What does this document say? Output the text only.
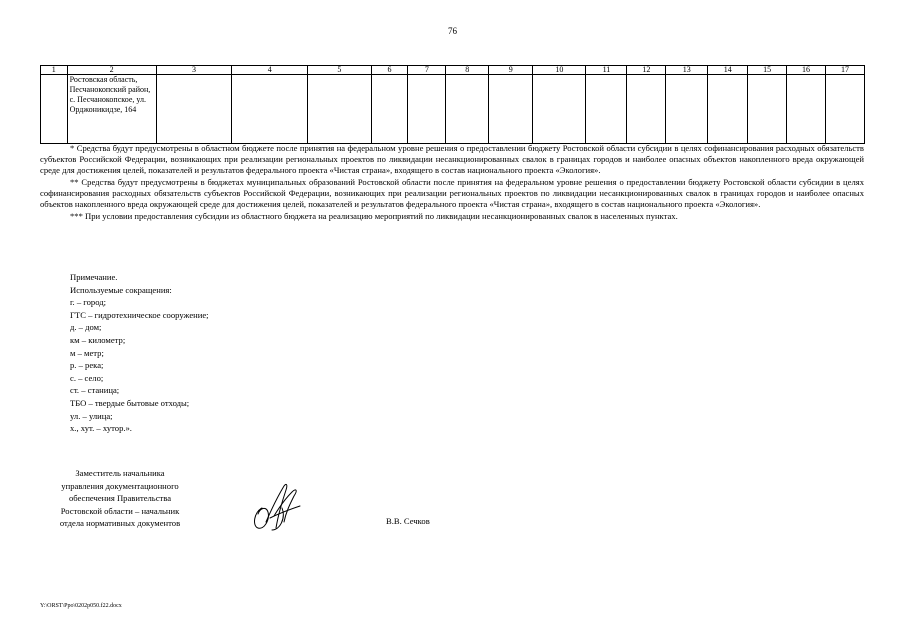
76
1	2	3	4	5	6	7	8	9	10	11	12	13	14	15	16	17
	Ростовская область, Песчанокопский район, с. Песчанокопское, ул. Орджоникидзе, 164															

* Средства будут предусмотрены в областном бюджете после принятия на федеральном уровне решения о предоставлении бюджету Ростовской области субсидии в целях софинансирования расходных обязательств субъектов Российской Федерации, возникающих при реализации региональных проектов по ликвидации несанкционированных свалок в границах городов и наиболее опасных объектов накопленного вреда окружающей среде для достижения целей, показателей и результатов федерального проекта «Чистая страна», входящего в состав национального проекта «Экология».

** Средства будут предусмотрены в бюджетах муниципальных образований Ростовской области после принятия на федеральном уровне решения о предоставлении бюджету Ростовской области субсидии в целях софинансирования расходных обязательств субъектов Российской Федерации, возникающих при реализации региональных проектов по ликвидации несанкционированных свалок в границах городов и наиболее опасных объектов накопленного вреда окружающей среде для достижения целей, показателей и результатов федерального проекта «Чистая страна», входящего в состав национального проекта «Экология».

*** При условии предоставления субсидии из областного бюджета на реализацию мероприятий по ликвидации несанкционированных свалок в населенных пунктах.

Примечание.
Используемые сокращения:
г. – город;
ГТС – гидротехническое сооружение;
д. – дом;
км – километр;
м – метр;
р. – река;
с. – село;
ст. – станица;
ТБО – твердые бытовые отходы;
ул. – улица;
х., хут. – хутор.».
Заместитель начальника
управления документационного
обеспечения Правительства
Ростовской области – начальник
отдела нормативных документов	В.В. Сечков
Y:\ORST\Ppo\0202p050.f22.docx
